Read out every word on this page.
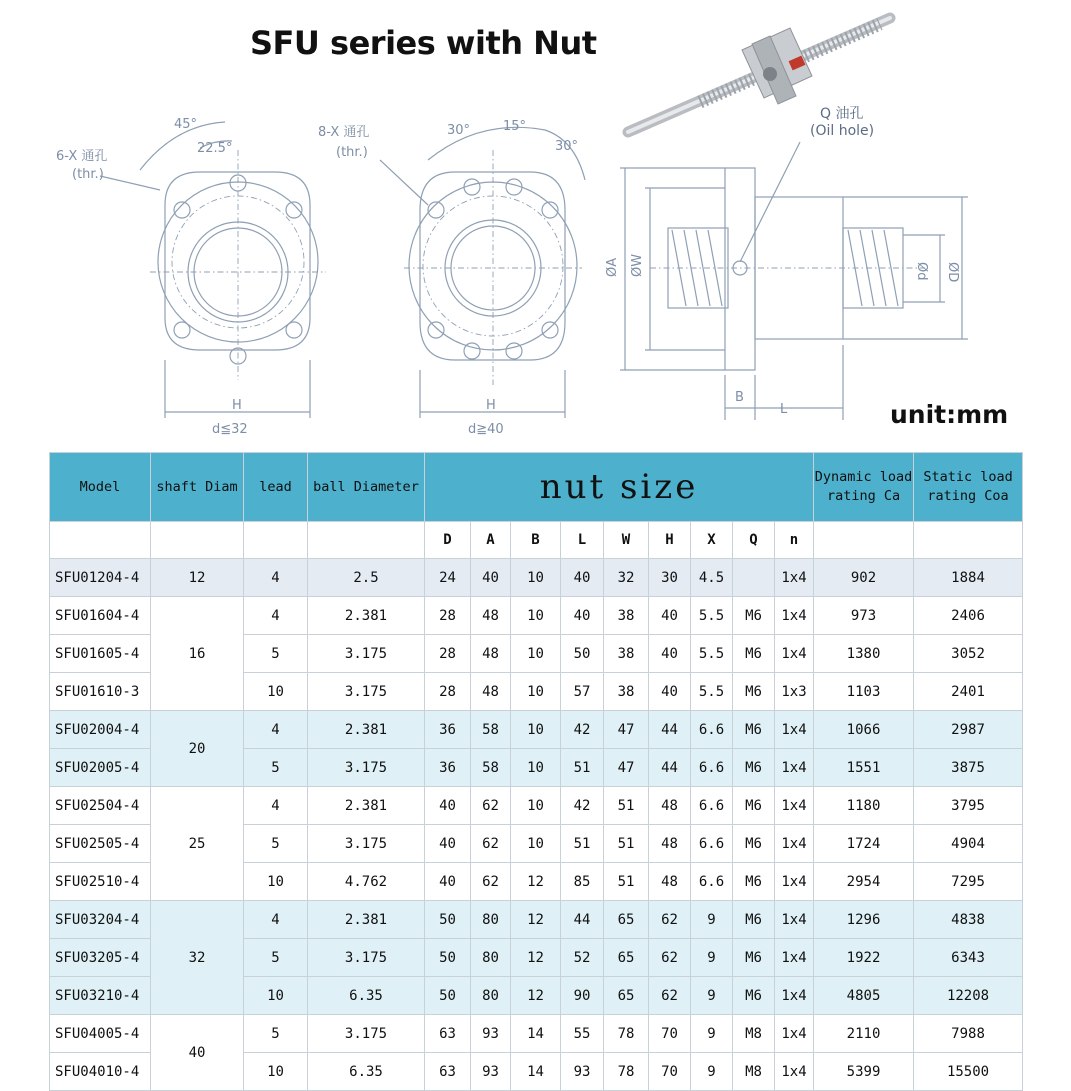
SFU series with Nut
unit:mm
6-X 通孔
(thr.)
45°
22.5°
H
d≦32
8-X 通孔
(thr.)
30°	15°
30°
H
d≧40
Q 油孔
(Oil hole)
ØA ØW	ØD
Ød
B
L
Model	shaft Diam	lead	ball Diameter	nut size									Dynamic load rating Ca	Static load rating Coa
				D	A	B	L	W	H	X	Q	n		
SFU01204-4	12	4	2.5	24	40	10	40	32	30	4.5		1x4	902	1884
SFU01604-4	16	4	2.381	28	48	10	40	38	40	5.5	M6	1x4	973	2406
SFU01605-4		5	3.175	28	48	10	50	38	40	5.5	M6	1x4	1380	3052
SFU01610-3		10	3.175	28	48	10	57	38	40	5.5	M6	1x3	1103	2401
SFU02004-4	20	4	2.381	36	58	10	42	47	44	6.6	M6	1x4	1066	2987
SFU02005-4		5	3.175	36	58	10	51	47	44	6.6	M6	1x4	1551	3875
SFU02504-4	25	4	2.381	40	62	10	42	51	48	6.6	M6	1x4	1180	3795
SFU02505-4		5	3.175	40	62	10	51	51	48	6.6	M6	1x4	1724	4904
SFU02510-4		10	4.762	40	62	12	85	51	48	6.6	M6	1x4	2954	7295
SFU03204-4	32	4	2.381	50	80	12	44	65	62	9	M6	1x4	1296	4838
SFU03205-4		5	3.175	50	80	12	52	65	62	9	M6	1x4	1922	6343
SFU03210-4		10	6.35	50	80	12	90	65	62	9	M6	1x4	4805	12208
SFU04005-4	40	5	3.175	63	93	14	55	78	70	9	M8	1x4	2110	7988
SFU04010-4		10	6.35	63	93	14	93	78	70	9	M8	1x4	5399	15500
